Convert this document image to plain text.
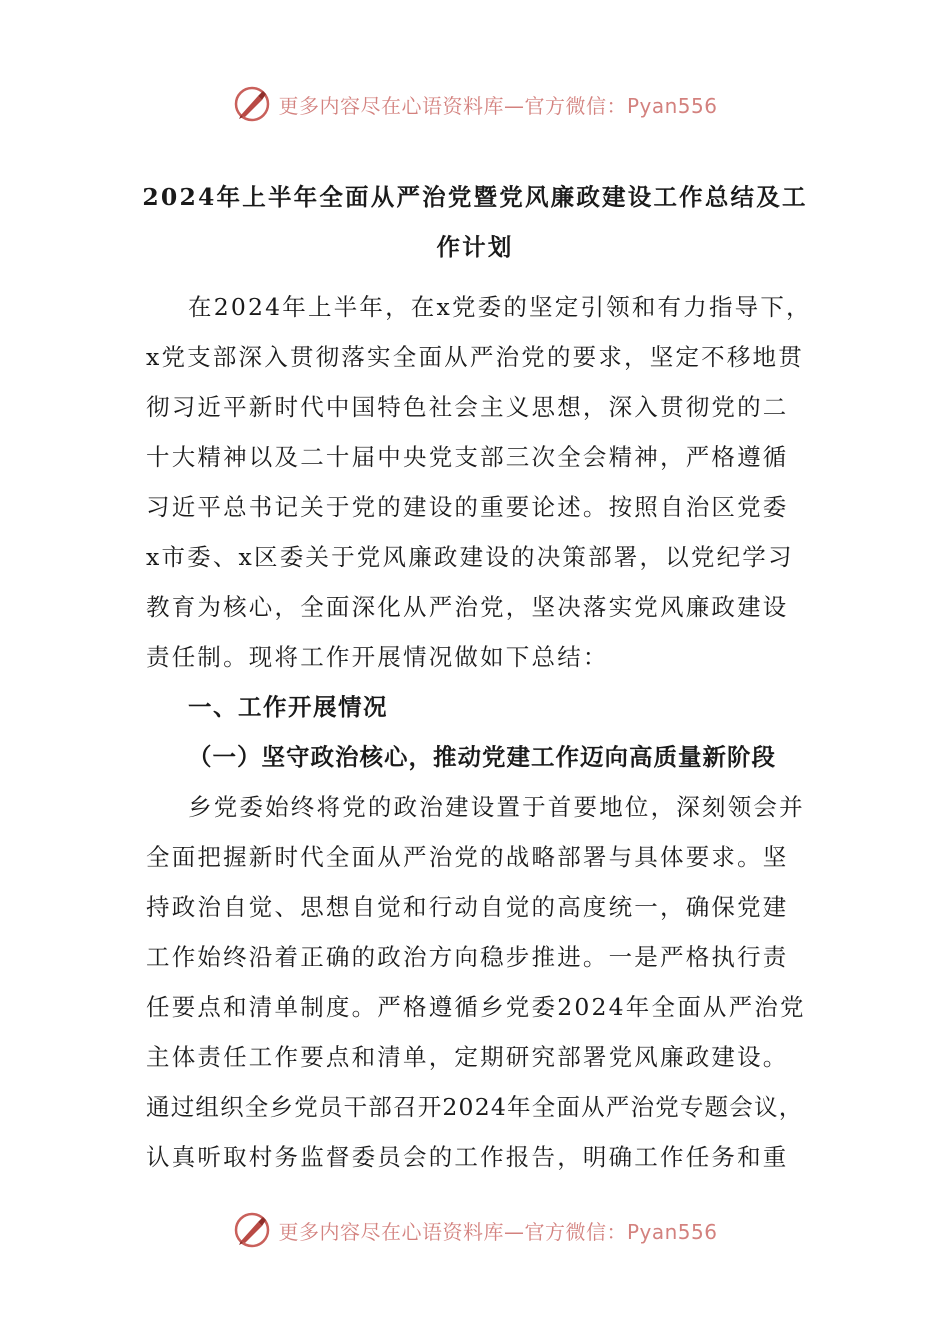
更多内容尽在心语资料库—官方微信：Pyan556
2024年上半年全面从严治党暨党风廉政建设工作总结及工
作计划
在2024年上半年，在x党委的坚定引领和有力指导下，
x党支部深入贯彻落实全面从严治党的要求，坚定不移地贯
彻习近平新时代中国特色社会主义思想，深入贯彻党的二
十大精神以及二十届中央党支部三次全会精神，严格遵循
习近平总书记关于党的建设的重要论述。按照自治区党委
x市委、x区委关于党风廉政建设的决策部署，以党纪学习
教育为核心，全面深化从严治党，坚决落实党风廉政建设
责任制。现将工作开展情况做如下总结：
一、工作开展情况
（一）坚守政治核心，推动党建工作迈向高质量新阶段
乡党委始终将党的政治建设置于首要地位，深刻领会并
全面把握新时代全面从严治党的战略部署与具体要求。坚
持政治自觉、思想自觉和行动自觉的高度统一，确保党建
工作始终沿着正确的政治方向稳步推进。一是严格执行责
任要点和清单制度。严格遵循乡党委2024年全面从严治党
主体责任工作要点和清单，定期研究部署党风廉政建设。
通过组织全乡党员干部召开2024年全面从严治党专题会议，
认真听取村务监督委员会的工作报告，明确工作任务和重
更多内容尽在心语资料库—官方微信：Pyan556
